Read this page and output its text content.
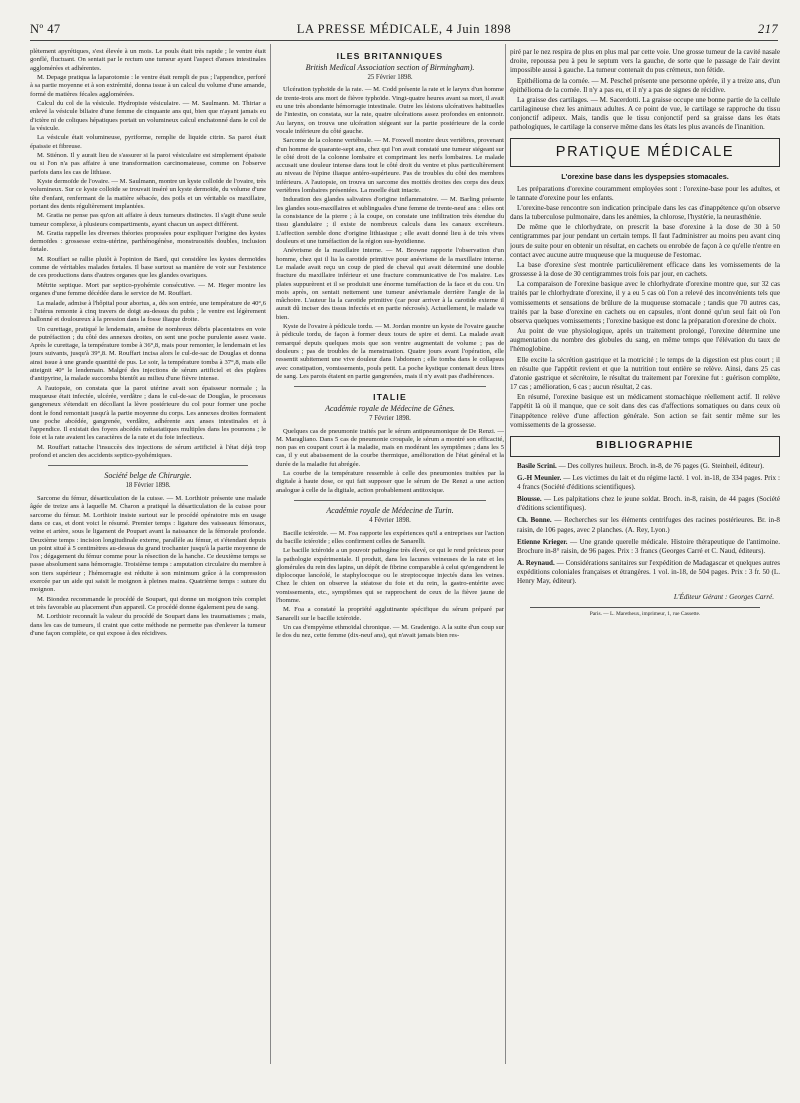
Nº 47	LA PRESSE MÉDICALE, 4 Juin 1898	217

plètement apyrétiques, s'est élevée à un mois. Le pouls était très rapide ; le ventre était gonflé, fluctuant. On sentait par le rectum une tumeur ayant l'aspect d'anses intestinales agglomérées et adhérentes.

M. Depage pratiqua la laparotomie : le ventre était rempli de pus ; l'appendice, perforé à sa partie moyenne et à son extrémité, donna issue à un calcul du volume d'une amande, formé de matières fécales agglomérées.

Calcul du col de la vésicule. Hydropisie vésiculaire. — M. Saulmann. M. Thiriar a enlevé la vésicule biliaire d'une femme de cinquante ans qui, bien que n'ayant jamais eu d'ictère ni de coliques hépatiques portait un volumineux calcul enchatonné dans le col de la vésicule.

La vésicule était volumineuse, pyriforme, remplie de liquide citrin. Sa paroi était épaissie et fibreuse.

M. Stiénon. Il y aurait lieu de s'assurer si la paroi vésiculaire est simplement épaissie ou si l'on n'a pas affaire à une transformation carcinomateuse, comme on l'observe parfois dans les cas de lithiase.

Kyste dermoïde de l'ovaire. — M. Saulmann, montre un kyste colloïde de l'ovaire, très volumineux. Sur ce kyste colloïde se trouvait inséré un kyste dermoïde, du volume d'une tête d'enfant, renfermant de la matière sébacée, des poils et un véritable os maxillaire, portant des dents régulièrement implantées.

M. Gratia ne pense pas qu'on ait affaire à deux tumeurs distinctes. Il s'agit d'une seule tumeur complexe, à plusieurs compartiments, ayant chacun un aspect différent.

M. Gratia rappelle les diverses théories proposées pour expliquer l'origine des kystes dermoïdes : grossesse extra-utérine, parthénogénèse, monstruosités doubles, inclusion fœtale.

M. Rouffart se rallie plutôt à l'opinion de Bard, qui considère les kystes dermoïdes comme de véritables malades fœtales. Il base surtout sa manière de voir sur l'existence de ces productions dans d'autres organes que les glandes ovariques.

Métrite septique. Mort par septico-pyohémie consécutive. — M. Heger montre les organes d'une femme décédée dans le service de M. Rouffart.

La malade, admise à l'hôpital pour abortus, a, dès son entrée, une température de 40°,6 : l'utérus remonte à cinq travers de doigt au-dessus du pubis ; le ventre est légèrement ballonné et douloureux à la pression dans la fosse iliaque droite.

Un curettage, pratiqué le lendemain, amène de nombreux débris placentaires en voie de putréfaction ; du côté des annexes droites, on sent une poche purulente assez vaste. Après le curettage, la température tombe à 36°,8, mais pour remonter, le lendemain et les jours suivants, jusqu'à 39°,8. M. Rouffart incisa alors le cul-de-sac de Douglas et donna ainsi issue à une grande quantité de pus. Le soir, la température tomba à 37°,8, mais elle atteignit 40° le lendemain. Malgré des injections de sérum artificiel et des piqûres d'antipyrine, la malade succomba bientôt au milieu d'une fièvre intense.

A l'autopsie, on constata que la paroi utérine avait son épaisseur normale ; la muqueuse était infectée, ulcérée, verdâtre ; dans le cul-de-sac de Douglas, le processus gangreneux s'étendait en décollant la lèvre postérieure du col pour former une poche dont le fond remontait jusqu'à la partie moyenne du corps. Les annexes droites formaient une poche abcédée, gangrenée, verdâtre, adhérente aux anses intestinales et à l'appendice. Il existait des foyers abcédés métastatiques multiples dans les poumons ; le foie et la rate avaient les caractères de la rate et du foie infectieux.

M. Rouffart rattache l'insuccès des injections de sérum artificiel à l'état déjà trop profond et ancien des accidents septico-pyohémiques.

Société belge de Chirurgie.
18 Février 1898.

Sarcome du fémur, désarticulation de la cuisse. — M. Lorthioir présente une malade âgée de treize ans à laquelle M. Charon a pratiqué la désarticulation de la cuisse pour sarcome du fémur. M. Lorthioir insiste surtout sur le procédé opératoire mis en usage dans ce cas, et dont voici le résumé. Premier temps : ligature des vaisseaux fémoraux, veine et artère, sous le ligament de Poupart avant la naissance de la fémorale profonde. Deuxième temps : incision longitudinale externe, parallèle au fémur, et s'étendant depuis un point situé à 5 centimètres au-dessus du grand trochanter jusqu'à la partie moyenne de l'os ; dégagement du fémur comme pour la résection de la hanche. Ce deuxième temps se passe absolument sans hémorragie. Troisième temps : amputation circulaire du membre à son tiers supérieur ; l'hémorragie est réduite à son minimum grâce à la compression exercée par un aide qui saisit le moignon à pleines mains. Quatrième temps : suture du moignon.

M. Biondez recommande le procédé de Soupart, qui donne un moignon très complet et très favorable au placement d'un appareil. Ce procédé donne également peu de sang.

M. Lorthioir reconnaît la valeur du procédé de Soupart dans les traumatismes ; mais, dans les cas de tumeurs, il craint que cette méthode ne permette pas d'enlever la tumeur d'une façon complète, ce qui expose à des récidives.

ILES BRITANNIQUES
British Medical Association section of Birmingham).
25 Février 1898.

Ulcération typhoïde de la rate. — M. Codd présente la rate et le larynx d'un homme de trente-trois ans mort de fièvre typhoïde. Vingt-quatre heures avant sa mort, il avait eu une très abondante hémorragie intestinale. Outre les lésions ulcératives habituelles de l'intestin, on constata, sur la rate, quatre ulcérations assez profondes en entonnoir. Au larynx, on trouva une ulcération siégeant sur la partie postérieure de la corde vocale inférieure du côté gauche.

Sarcome de la colonne vertébrale. — M. Foxwell montre deux vertèbres, provenant d'un homme de quarante-sept ans, chez qui l'on avait constaté une tumeur siégeant sur le côté droit de la colonne lombaire et comprimant les nerfs lombaires. Le malade accusait une douleur intense dans tout le côté droit du ventre et plus particulièrement au niveau de l'épine iliaque antéro-supérieure. Pas de troubles du côté des membres inférieurs. A l'autopsie, on trouva un sarcome des moitiés droites des corps des deux vertèbres lombaires présentées. La moelle était intacte.

Induration des glandes salivaires d'origine inflammatoire. — M. Barling présente les glandes sous-maxillaires et sublinguales d'une femme de trente-neuf ans : elles ont la consistance de la pierre ; à la coupe, on constate une infiltration très étendue du tissu glandulaire ; il existe de nombreux calculs dans les canaux excréteurs. L'affection semble donc d'origine lithiasique ; elle avait donné lieu à de très vives douleurs et une tuméfaction de la région sus-hyoïdienne.

Anévrisme de la maxillaire interne. — M. Browne rapporte l'observation d'un homme, chez qui il lia la carotide primitive pour anévrisme de la maxillaire interne. Le malade avait reçu un coup de pied de cheval qui avait déterminé une double fracture du maxillaire inférieur et une fracture communicative de l'os malaire. Les plaies suppurèrent et il se produisit une énorme tuméfaction de la face et du cou. Un mois après, on sentait nettement une tumeur anévrismale derrière l'angle de la mâchoire. L'auteur lia la carotide primitive (car pour arriver à la carotide externe il aurait dû inciser des tissus infectés et en partie nécrosés). Actuellement, le malade va bien.

Kyste de l'ovaire à pédicule tordu. — M. Jordan montre un kyste de l'ovaire gauche à pédicule tordu, de façon à former deux tours de spire et demi. La malade avait remarqué depuis quelques mois que son ventre augmentait de volume ; pas de douleurs ; pas de troubles de la menstruation. Quatre jours avant l'opération, elle ressentit subitement une vive douleur dans l'abdomen ; elle tomba dans le collapsus avec constipation, vomissements, pouls petit. La poche kystique contenait deux litres de sang. Les parois étaient en partie gangrenées, mais il n'y avait pas d'adhérences.

ITALIE
Académie royale de Médecine de Gênes.
7 Février 1898.

Quelques cas de pneumonie traités par le sérum antipneumonique de De Renzi. — M. Maragliano. Dans 5 cas de pneumonie croupale, le sérum a montré son efficacité, non pas en coupant court à la maladie, mais en modérant les symptômes ; dans les 5 cas, il y eut abaissement de la courbe thermique, amélioration de l'état général et la durée de la maladie fut abrégée.

La courbe de la température ressemble à celle des pneumonies traitées par la digitale à haute dose, ce qui fait supposer que le sérum de De Renzi a une action analogue à celle de la digitale, action probablement antitoxique.

Académie royale de Médecine de Turin.
4 Février 1898.

Bacille ictéroïde. — M. Foa rapporte les expériences qu'il a entreprises sur l'action du bacille ictéroïde ; elles confirment celles de Sanarelli.

Le bacille ictéroïde a un pouvoir pathogène très élevé, ce qui le rend précieux pour la pathologie expérimentale. Il produit, dans les lacunes veineuses de la rate et les glomérules du rein des lapins, un dépôt de fibrine comparable à celui qu'engendrent le diplocoque lancéolé, le staphylocoque ou le streptocoque injectés dans les veines. Chez le chien on observe la stéatose du foie et du rein, la gastro-entérite avec vomissements, etc., symptômes qui se rapprochent de ceux de la fièvre jaune de l'homme.

M. Foa a constaté la propriété agglutinante spécifique du sérum préparé par Sanarelli sur le bacille ictéroïde.

Un cas d'empyème ethmoïdal chronique. — M. Gradenigo. A la suite d'un coup sur le dos du nez, cette femme (dix-neuf ans), qui n'avait jamais bien res-

piré par le nez respira de plus en plus mal par cette voie. Une grosse tumeur de la cavité nasale droite, repoussa peu à peu le septum vers la gauche, de sorte que le passage de l'air devint impossible aussi à gauche. La tumeur contenait du pus crémeux, non fétide.

Epithélioma de la cornée. — M. Peschel présente une personne opérée, il y a treize ans, d'un épithélioma de la cornée. Il n'y a pas eu, et il n'y a pas de signes de récidive.

La graisse des cartilages. — M. Sacerdotti. La graisse occupe une bonne partie de la cellule cartilagineuse chez les animaux adultes. A ce point de vue, le cartilage se rapproche du tissu conjonctif adipeux. Mais, tandis que le tissu conjonctif perd sa graisse dans les états pathologiques, le cartilage la conserve même dans les états les plus avancés de l'inanition.

PRATIQUE MÉDICALE
L'orexine base dans les dyspepsies stomacales.

Les préparations d'orexine couramment employées sont : l'orexine-base pour les adultes, et le tannate d'orexine pour les enfants.

L'orexine-base rencontre son indication principale dans les cas d'inappétence qu'on observe dans la tuberculose pulmonaire, dans les anémies, la chlorose, l'hystérie, la neurasthénie.

De même que le chlorhydrate, on prescrit la base d'orexine à la dose de 30 à 50 centigrammes par jour pendant un certain temps. Il faut l'administrer au moins peu avant cinq jours de suite pour en obtenir un résultat, en cachets ou enrobée de façon à ce qu'elle n'entre en contact avec aucune autre muqueuse que la muqueuse de l'estomac.

La base d'orexine s'est montrée particulièrement efficace dans les vomissements de la grossesse à la dose de 30 centigrammes trois fois par jour, en cachets.

La comparaison de l'orexine basique avec le chlorhydrate d'orexine montre que, sur 32 cas traités par le chlorhydrate d'orexine, il y a eu 5 cas où l'on a relevé des inconvénients tels que vomissements et sensations de brûlure de la muqueuse stomacale ; tandis que 70 autres cas, traités par la base d'orexine en cachets ou en capsules, n'ont donné qu'un seul fait où l'on observa quelques vomissements ; l'orexine basique est donc la préparation d'orexine de choix.

Au point de vue physiologique, après un traitement prolongé, l'orexine détermine une augmentation du nombre des globules du sang, en même temps que l'élévation du taux de l'hémoglobine.

Elle excite la sécrétion gastrique et la motricité ; le temps de la digestion est plus court ; il en résulte que l'appétit revient et que la nutrition tout entière se relève. Ainsi, dans 25 cas d'atonie gastrique et sécrétoire, le résultat du traitement par l'orexine fut : guérison complète, 17 cas ; amélioration, 6 cas ; aucun résultat, 2 cas.

En résumé, l'orexine basique est un médicament stomachique réellement actif. Il relève l'appétit là où il manque, que ce soit dans des cas d'affections somatiques ou dans ceux où l'inappétence relève d'une affection générale. Son action se fait sentir même sur les vomissements de la grossesse.

BIBLIOGRAPHIE

Basile Scrini. — Des collyres huileux. Broch. in-8, de 76 pages (G. Steinheil, éditeur).

G.-H Meunier. — Les victimes du lait et du régime lacté. 1 vol. in-18, de 334 pages. Prix : 4 francs (Société d'éditions scientifiques).

Biousse. — Les palpitations chez le jeune soldat. Broch. in-8, raisin, de 44 pages (Société d'éditions scientifiques).

Ch. Bonne. — Recherches sur les éléments centrifuges des racines postérieures. Br. in-8 raisin, de 106 pages, avec 2 planches. (A. Rey, Lyon.)

Etienne Krieger. — Une grande querelle médicale. Histoire thérapeutique de l'antimoine. Brochure in-8° raisin, de 96 pages. Prix : 3 francs (Georges Carré et C. Naud, éditeurs).

A. Reynaud. — Considérations sanitaires sur l'expédition de Madagascar et quelques autres expéditions coloniales françaises et étrangères. 1 vol. in-18, de 504 pages. Prix : 3 fr. 50 (L. Henry May, éditeur).

L'Éditeur Gérant : Georges Carré.
Paris. — L. Maretheux, imprimeur, 1, rue Cassette.
